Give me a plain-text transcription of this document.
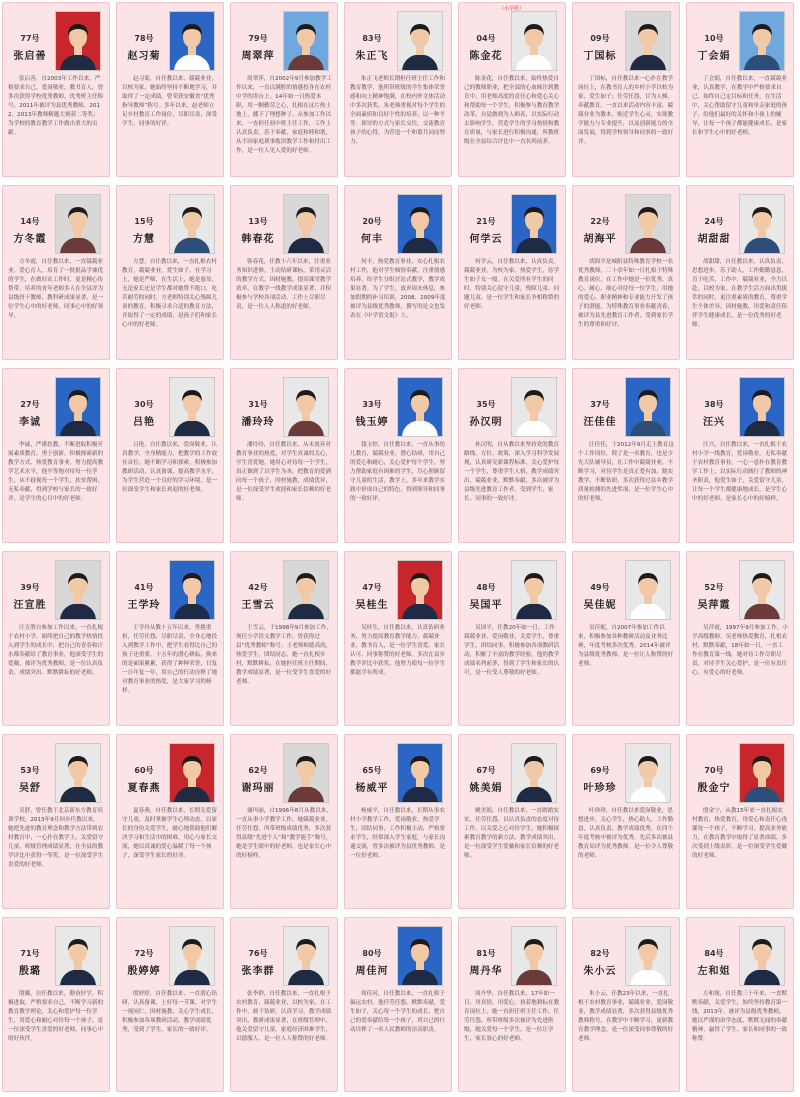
77号
张启善
张启善，自2003年工作以来，严格要求自己，爱岗敬业，教书育人，曾多次获得学校优秀教师，优秀班主任称号。2011年被评为县优秀教师，2012，2013年教师精题大赛获二等奖；为学校的教育教学工作做出重大的贡献。
78号
赵习菊
赵习菊，自任教以来，兢兢业业，以校为家。她始终坚持不断地学习，并取得了一定成绩，曾荣获安徽省“优秀指导教师”称号。多年以来，赵老师立足乡村教育工作岗位，尽职尽责，深受学生、同事的好评。
79号
周翠萍
周翠萍，自2002年9月参加教学工作以来，一直以满腔的情感投身在农村中学的讲台上。14年如一日热爱本职，用一颗勤劳之心，扎根在这片热土地上，播下了理想种子。从参加工作以来，一直担任初中班主任工作，工作上认真负责，乐于奉献，家庭和睦和谐，从不因家庭琐事耽误教学工作和付出工作，是一位人见人爱的好老师。
83号
朱正飞
朱正飞老师长期担任班主任工作和教育教学，他所带班级的学生集体荣誉感和向上精神饱满，在校内外文体活动中多次获奖。朱老师重视对每个学生的全面素质和良好个性的培养，以一种平等、探讨的方式与家长交往，交流教育孩子的心得，为营造一个和谐共同而努力。
（小学组）
04号
陈金花
陈金花，自任教以来，始终热爱自己的教师职业，把全部的心血倾注到教育中，用老师高度的责任心和爱心关心和帮助每一个学生，积极参与教育教学改革，自觉做到为人师表，以实际行动去影响学生，营造学生的学习热情和教育质量，与家长进行积极沟通，所教班级在全县综合评比中一直名列前茅。
09号
丁国标
丁国标，自任教以来一心扑在教学岗位上，在教书育人的乡村小学以校为家，爱生如子；任劳任怨，甘为人梯，奉献教育，一直以来活动内容丰富，兢兢业业为教本，贴近学生心灵，实现教学能力与专业提升，以及创新能力的全面发展，得到学校领导和同事的一致好评。
10号
丁会娟
丁会娟，自任教以来，一直兢兢业业，认真教学，在教学中严格要求自己，始终自己定目标和任务，在生活中，关心帮助留守儿童和单亲家庭的孩子，给他们最好的关怀和小孩上的辅导，让每一个孩子都能健康成长，是家长和学生心中的好老师。
14号
方冬霞
方冬霞，自任教以来，一直兢兢业业，爱心育人，培育了一批批品学兼优的学生，在做好农工作时，更是精心传帮带，培养的青年老师多人在全县评为县级骨干教师，教科研成果显著，是一位学生心中的好老师，同事心中的好领导。
15号
方慧
方慧，自任教以来，一直扎根农村教育，兢兢业业，爱生如子。在学习上，她是严师，在生活上，她是慈母，无论家长还是学生都对她赞不绝口，吃苦耐劳的同时，方老师特别关心残障儿童的教育，积极寻求合适的教育方法，并取得了一定的成绩，是孩子们和家长心中的好老师。
13号
韩春花
韩春花，任教十六年以来，注重业务知识进修，主动钻研课标，采用灵活的教学方式，因材施教，提高课堂教学效率，在教学一线教学成果显著，并积极参与学校各项活动，工作上尽职尽责，是一位人人称道的好老师。
20号
何丰
何丰，热爱教育事业，安心扎根农村工作，他对学生倾情奉献，注重情感培养，给学生分组讨论式教学，教学成果显著。为了学生，放弃周末休息，参加假期的补习培训，2008、2009年度被评为县级优秀教师，撰写的论文也发表在《中学语文报》上。
21号
何学云
何学云，自任教以来，认真负责，兢兢业业，为校为家。热爱学生，待学生如子女一般。在关爱所有学生的同时，特别关心留守儿童，残障儿童、问题儿童，是一位学生和家长争相称赞的好老师。
22号
胡海平
胡海平是城阳县特殊教育学校一名优秀教师，二十余年如一日扎根于特殊教育岗位，在工作中她是一位优秀、真心、耐心、细心对待每一位学生，用她的爱心、职业精神和专业能力开发了孩子的潜能，为特殊教育事业奉献青春，被评为县先进教育工作者，受到家长学生的尊重和好评。
24号
胡甜甜
胡甜甜，自任教以来，认真负责，思想进步，乐于助人，工作勤勤恳恳，肯于吃苦，工作中，兢兢业业，全力以赴，以校为家，在教学生活方面出类拔萃的同时，更注重素质的教育，尊重学生个体差异，因材施教，用爱和责任陪伴学生健康成长，是一位优秀的好老师。
27号
李诚
李诚，严谨扶教，不断进取积极开展素质教育，勇于创新，积极探索新的教学方式，热爱教育事业，努力提高教学艺术水平，他平等地对待每一位学生，从不歧视每一个学生，扶贫帮困，无私奉献，得到学校与家长的一致好评，是学生的心目中的好老师。
30号
吕艳
吕艳，自任教以来，爱岗敬业，认真教学，全身精能力，把教学的工作放在首位。她不断学习和探索，积极参加教研活动，认真备课，提高教学水平，为学生营造一个良好的学习环境，是一位深受学生和家长欢迎的好老师。
31号
潘玲玲
潘玲玲，自任教以来，从未放弃对教育事业的热爱，对学生真诚的关心，学生喜爱她，她用心对待每一个学生，真正做到了以学生为本，把教育的爱洒向每一个孩子，因材施教，成绩优异，是一位深受学生欢迎和家长信赖的好老师。
33号
钱玉婷
钱玉婷，自任教以来，一直从事幼儿教育，兢兢业业，潜心钻研，用自己的爱心和耐心，关心爱护每个学生，努力帮助家庭有困难的学生，尽心照顾留守儿童的生活，教学上，多年来教学实践中形成自己的特色，得到领导和同事的一致好评。
35号
孙汉明
孙汉明，自从教以来坚持党的教育路线、方针、政策，深入学习科学发展观，认真研究新课程标准，关心爱护每一个学生，尊重学生人格，教学成绩突出，兢兢业业，默默奉献，多次被评为县级先进教育工作者，受到学生、家长、同事的一致好评。
37号
汪佳佳
汪佳佳，于2012年9月走上教育这个工作岗位，除了是一名教育，也是少先大队辅导员，在工作中兢兢业业，不断学习，对待学生是真正爱有加。踏实教学，不断钻研，多次获得过县乡教学质量检测的先进奖项，是一位学生心中的好老师。
38号
汪兴
汪兴，自任教以来，一直扎根于农村小学一线教育，爱岗敬业，无私奉献于农村教育事业，一心一意扑在教育教学工作上，以实际行动践行了教师的神圣职责，他爱生如子，关爱留守儿童，让每一个学生都健康地成长，是学生心中的好老师，是家长心中的好榜样。
39号
汪宣胜
汪宣胜自参加工作以来，一直扎根于农村小学，始终把自己的教学热情投入到学生的成长中，把自己的青春和汗水都奉献给了教育事业，他深受学生的爱戴，被评为优秀教师，是一位认真负责、成绩突出、默默耕耘的好老师。
41号
王学玲
王学玲从教十五年以来，勇挑重担，任劳任怨，尽职尽责，全身心地投入到教学工作中，把学生看得比自己的孩子还重要，十五年的潜心耕耘，换来的是硕果累累，获得了种种荣誉，日复一日年复一年，用自己的行动诠释了她对教育事业的热爱，是大家学习的榜样。
42号
王雪云
王雪云，于1998年9月参加工作，现任小学语文教学工作，曾获得过县“优秀教师”称号，王老师师德高尚，热爱学生，团结同志，她一直扎根乡村，默默耕耘，在她担任班主任期间，教学成绩显著，是一位受学生喜爱的好老师。
47号
吴桂生
吴桂生，自任教以来，认真钻研业务，努力提高教育教学能力，兢兢业业，教书育人，是一位学生喜爱、家长认可、同事称赞的好老师。多次在县乡教学评比中获奖，他努力使每一位学生都能学有所成。
48号
吴国平
吴国平，任教20年如一日，工作兢兢业业，爱岗敬业，关爱学生，尊重学生，团结同事，积极参加各项教研活动，积累了丰富的教学经验，他的教学成绩名列前茅，得到了学生和家长的认可，是一位受人尊敬的好老师。
49号
吴佳妮
吴佳妮，自2007年参加工作以来，积极参加各种教研活动及业务比赛，年度考核多次优秀。2014年被评为县级优秀教师，是一位让人称赞的好老师。
52号
吴萍霞
吴萍霞，1997年9月参加工作，小学高级教师。吴老师热爱教育，扎根农村，默默奉献，18年如一日，一直工作在教育第一线，她对待工作尽职尽责，对待学生关心爱护，是一位有责任心、有爱心的好老师。
53号
吴舒
吴舒，曾任教于北京新东方教育培训学校，2013年9月回乡任教以来，她把先进的教育理念和教学方法带到农村教育中，一心扑在教学上，关爱留守儿童，班级管理成绩显著，在全县的教学评比中获得一等奖，是一位深受学生喜爱的好老师。
60号
夏春燕
夏春燕，自任教以来，长期关爱留守儿童，及时掌握学生心理动态，以家长的身份关爱学生，耐心地帮助他们解决学习和生活中的困难，用心与家长交流，她以真诚的爱心温暖了每一个孩子，深受学生家长的好评。
62号
谢玛丽
谢玛丽，自1996年8月从教以来，一直从事小学教学工作，她兢兢业业，任劳任怨，所带班级成绩优秀，多次获得县级“先进个人”和“教学能手”称号，她是学生眼中的好老师，也是家长心中的好榜样。
65号
杨威平
杨威平，自任教以来，长期从事农村小学教学工作，爱岗敬业，热爱学生，团结同事，工作积极主动，严格要求学生，经常深入学生家庭，与家长沟通交流，曾多次被评为县优秀教师，是一位好老师。
67号
姚美娟
姚美娟，自任教以来，一直踏踏实实，任劳任怨，以认真负责的态度对待工作，以关爱之心对待学生，她积极探索教育教学的新方法，教学成绩突出，是一位深受学生爱戴和家长信赖的好老师。
69号
叶珍珍
叶珍珍，自任教以来爱岗敬业，思想进步，关心学生，热心助人，工作勤恳，认真负责，教学成绩优秀，在四个年度考核中被评为优秀，先后多次被县教育局评为优秀教师，是一位令人尊敬的老师。
70号
殷金宁
殷金宁，从教15年来一直扎根农村教育，热爱教育，用爱心和责任心浇灌每一个孩子，不断学习，提高业务能力，在教育教学中取得了显著成绩，多次受到上级表彰，是一位深受学生爱戴的好老师。
71号
殷璐
殷璐，自任教以来，勤奋好学，积极进取，严格要求自己，不断学习新的教育教学理论，关心和爱护每一位学生，用爱心和耐心对待每一个孩子，是一位深受学生喜爱的好老师，同事心中的好伙伴。
72号
殷婷婷
殷婷婷，自任教以来，一直潜心钻研，认真备课，上好每一节课，对学生一视同仁，因材施教，关心学生成长，积极参加各项教研活动，教学成绩优秀，受到了学生、家长的一致好评。
76号
张李群
张李群，自任教以来，一直扎根于农村教育，兢兢业业，以校为家，在工作中，敢于钻研，认真学习，教学成绩突出，教研成果显著，在班级管理中，他关爱留守儿童，家庭经济困难学生，以德服人，是一位人人称赞的好老师。
80号
周佳河
周佳河，自任教以来，一直扎根于偏远农村，他任劳任怨，默默奉献，爱生如子，关心每一个学生的成长，把自己的爱奉献给每一个孩子，用自己的行动诠释了一名人民教师的崇高职责。
81号
周丹华
周丹华，自任教以来，17年如一日，用真情，用爱心，执着地耕耘在教育岗位上，她一直担任班主任工作，任劳任怨，所带班级多次被评为先进班级，她关爱每一个学生，是一位让学生、家长放心的好老师。
82号
朱小云
朱小云，任教23年以来，一直扎根于农村教育事业，兢兢业业，爱岗敬业，教学成绩显著，多次获得县级优秀教师称号，在教学中不断学习，更新教育教学理念，是一位深受同事尊敬的好老师。
84号
左和姐
左和姐，自任教三十年来，一直默默奉献，关爱学生，始终坚持教育第一线，2013年，被评为县级优秀教师，她以严谨的治学态度，默默无闻的奉献精神，赢得了学生、家长和同事的一致称赞。
